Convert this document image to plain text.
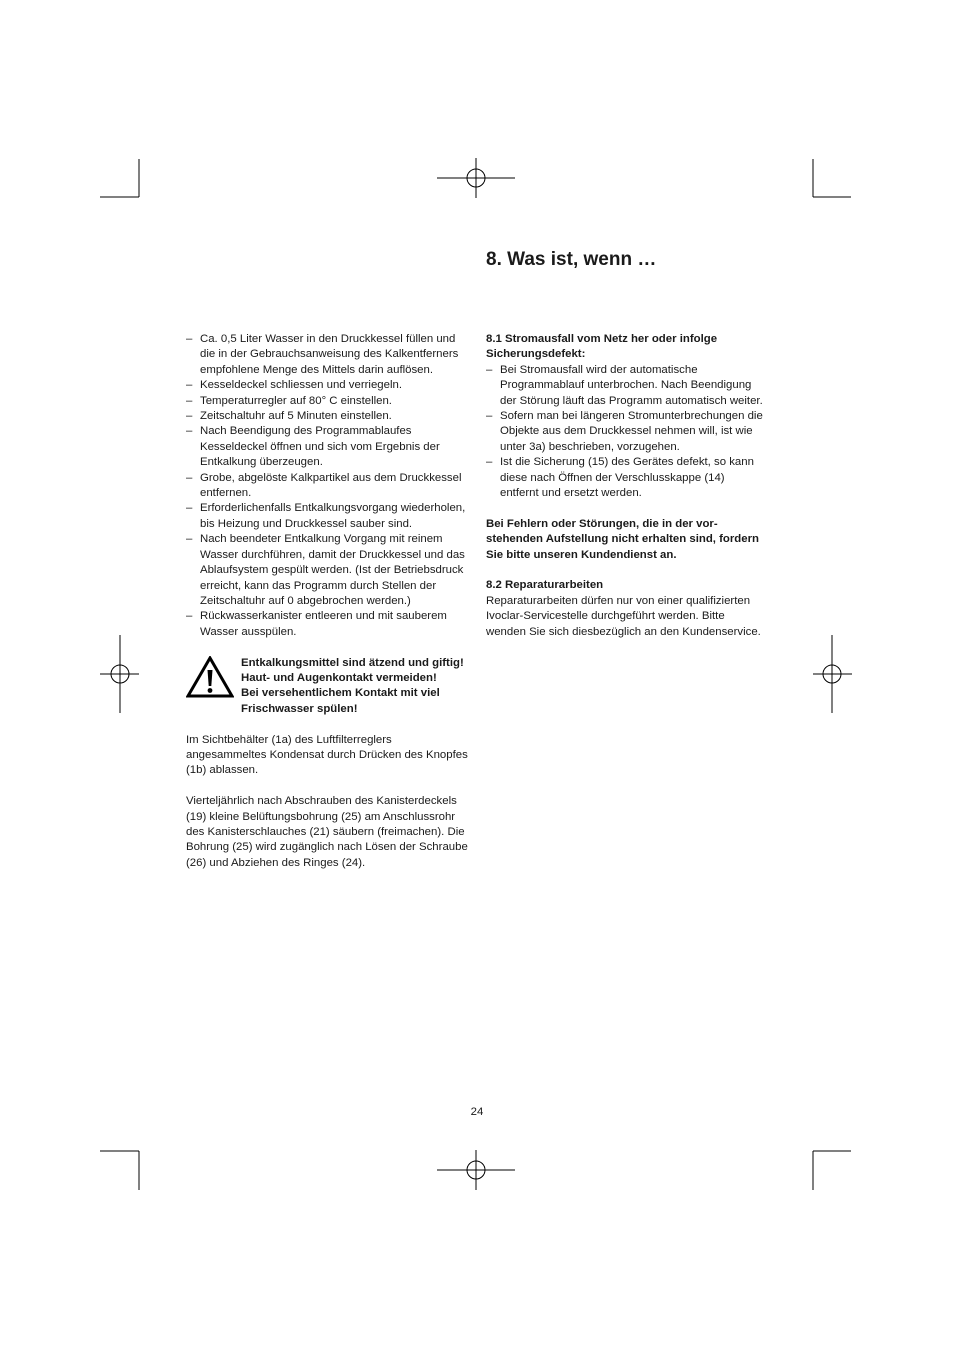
8. Was ist, wenn …
– Ca. 0,5 Liter Wasser in den Druckkessel füllen und die in der Gebrauchsanweisung des Kalkentferners empfohlene Menge des Mittels darin auflösen.
– Kesseldeckel schliessen und verriegeln.
– Temperaturregler auf 80° C einstellen.
– Zeitschaltuhr auf 5 Minuten einstellen.
– Nach Beendigung des Programmablaufes Kesseldeckel öffnen und sich vom Ergebnis der Entkalkung überzeugen.
– Grobe, abgelöste Kalkpartikel aus dem Druckkessel entfernen.
– Erforderlichenfalls Entkalkungsvorgang wiederholen, bis Heizung und Druckkessel sauber sind.
– Nach beendeter Entkalkung Vorgang mit reinem Wasser durchführen, damit der Druckkessel und das Ablaufsystem gespült werden. (Ist der Betriebsdruck erreicht, kann das Programm durch Stellen der Zeitschaltuhr auf 0 abgebrochen werden.)
– Rückwasserkanister entleeren und mit sauberem Wasser ausspülen.
Entkalkungsmittel sind ätzend und giftig!
Haut- und Augenkontakt vermeiden!
Bei versehentlichem Kontakt mit viel
Frischwasser spülen!

Im Sichtbehälter (1a) des Luftfilterreglers angesammeltes Kondensat durch Drücken des Knopfes (1b) ablassen.

Vierteljährlich nach Abschrauben des Kanisterdeckels (19) kleine Belüftungsbohrung (25) am Anschlussrohr des Kanisterschlauches (21) säubern (freimachen). Die Bohrung (25) wird zugänglich nach Lösen der Schraube (26) und Abziehen des Ringes (24).

8.1 Stromausfall vom Netz her oder infolge
Sicherungsdefekt:
– Bei Stromausfall wird der automatische Programmablauf unterbrochen. Nach Beendigung der Störung läuft das Programm automatisch weiter.
– Sofern man bei längeren Stromunterbrechungen die Objekte aus dem Druckkessel nehmen will, ist wie unter 3a) beschrieben, vorzugehen.
– Ist die Sicherung (15) des Gerätes defekt, so kann diese nach Öffnen der Verschlusskappe (14) entfernt und ersetzt werden.
Bei Fehlern oder Störungen, die in der vor-
stehenden Aufstellung nicht erhalten sind, fordern
Sie bitte unseren Kundendienst an.
8.2 Reparaturarbeiten

Reparaturarbeiten dürfen nur von einer qualifizierten Ivoclar-Servicestelle durchgeführt werden. Bitte wenden Sie sich diesbezüglich an den Kundenservice.

24
